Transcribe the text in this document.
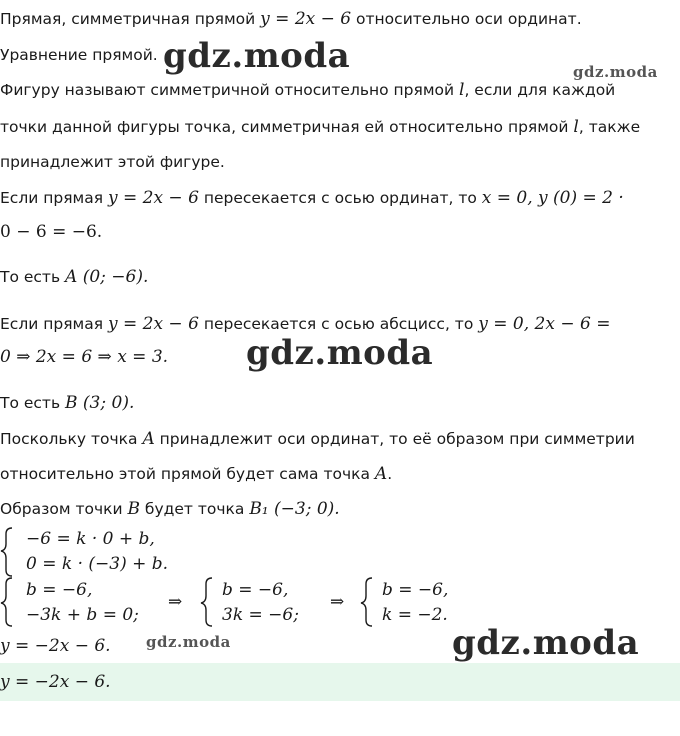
Прямая, симметричная прямой y = 2x − 6 относительно оси ординат.
Уравнение прямой. gdz.moda	gdz.moda
Фигуру называют симметричной относительно прямой l, если для каждой
точки данной фигуры точка, симметричная ей относительно прямой l, также
принадлежит этой фигуре.
Если прямая y = 2x − 6 пересекается с осью ординат, то x = 0, y (0) = 2 ·
0 − 6 = −6.
То есть A (0; −6).
Если прямая y = 2x − 6 пересекается с осью абсцисс, то y = 0, 2x − 6 =
0 ⇒ 2x = 6 ⇒ x = 3. gdz.moda
То есть B (3; 0).
Поскольку точка A принадлежит оси ординат, то её образом при симметрии
относительно этой прямой будет сама точка A.
Образом точки B будет точка B₁ (−3; 0).
−6 = k · 0 + b,
0 = k · (−3) + b.
b = −6,
−3k + b = 0;
⇒
b = −6,
3k = −6;
⇒
b = −6,
k = −2.
y = −2x − 6. gdz.moda	gdz.moda
y = −2x − 6.
